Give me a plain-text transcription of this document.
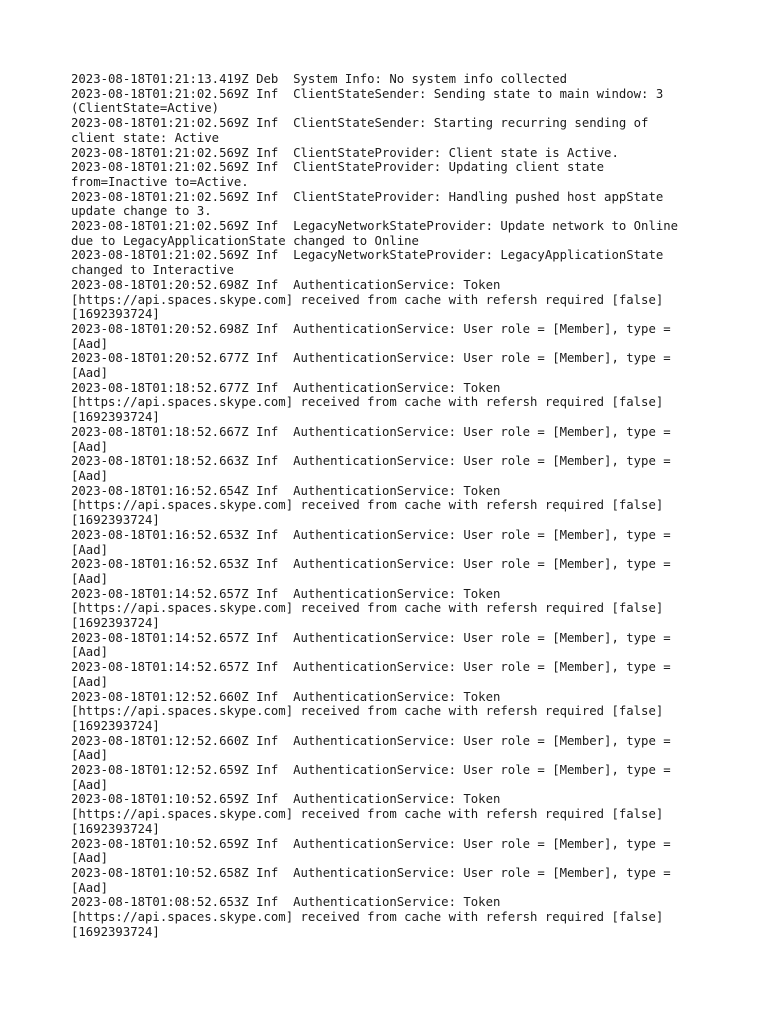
2023-08-18T01:21:13.419Z Deb  System Info: No system info collected
2023-08-18T01:21:02.569Z Inf  ClientStateSender: Sending state to main window: 3
(ClientState=Active)
2023-08-18T01:21:02.569Z Inf  ClientStateSender: Starting recurring sending of
client state: Active
2023-08-18T01:21:02.569Z Inf  ClientStateProvider: Client state is Active.
2023-08-18T01:21:02.569Z Inf  ClientStateProvider: Updating client state
from=Inactive to=Active.
2023-08-18T01:21:02.569Z Inf  ClientStateProvider: Handling pushed host appState
update change to 3.
2023-08-18T01:21:02.569Z Inf  LegacyNetworkStateProvider: Update network to Online
due to LegacyApplicationState changed to Online
2023-08-18T01:21:02.569Z Inf  LegacyNetworkStateProvider: LegacyApplicationState
changed to Interactive
2023-08-18T01:20:52.698Z Inf  AuthenticationService: Token
[https://api.spaces.skype.com] received from cache with refersh required [false]
[1692393724]
2023-08-18T01:20:52.698Z Inf  AuthenticationService: User role = [Member], type =
[Aad]
2023-08-18T01:20:52.677Z Inf  AuthenticationService: User role = [Member], type =
[Aad]
2023-08-18T01:18:52.677Z Inf  AuthenticationService: Token
[https://api.spaces.skype.com] received from cache with refersh required [false]
[1692393724]
2023-08-18T01:18:52.667Z Inf  AuthenticationService: User role = [Member], type =
[Aad]
2023-08-18T01:18:52.663Z Inf  AuthenticationService: User role = [Member], type =
[Aad]
2023-08-18T01:16:52.654Z Inf  AuthenticationService: Token
[https://api.spaces.skype.com] received from cache with refersh required [false]
[1692393724]
2023-08-18T01:16:52.653Z Inf  AuthenticationService: User role = [Member], type =
[Aad]
2023-08-18T01:16:52.653Z Inf  AuthenticationService: User role = [Member], type =
[Aad]
2023-08-18T01:14:52.657Z Inf  AuthenticationService: Token
[https://api.spaces.skype.com] received from cache with refersh required [false]
[1692393724]
2023-08-18T01:14:52.657Z Inf  AuthenticationService: User role = [Member], type =
[Aad]
2023-08-18T01:14:52.657Z Inf  AuthenticationService: User role = [Member], type =
[Aad]
2023-08-18T01:12:52.660Z Inf  AuthenticationService: Token
[https://api.spaces.skype.com] received from cache with refersh required [false]
[1692393724]
2023-08-18T01:12:52.660Z Inf  AuthenticationService: User role = [Member], type =
[Aad]
2023-08-18T01:12:52.659Z Inf  AuthenticationService: User role = [Member], type =
[Aad]
2023-08-18T01:10:52.659Z Inf  AuthenticationService: Token
[https://api.spaces.skype.com] received from cache with refersh required [false]
[1692393724]
2023-08-18T01:10:52.659Z Inf  AuthenticationService: User role = [Member], type =
[Aad]
2023-08-18T01:10:52.658Z Inf  AuthenticationService: User role = [Member], type =
[Aad]
2023-08-18T01:08:52.653Z Inf  AuthenticationService: Token
[https://api.spaces.skype.com] received from cache with refersh required [false]
[1692393724]
